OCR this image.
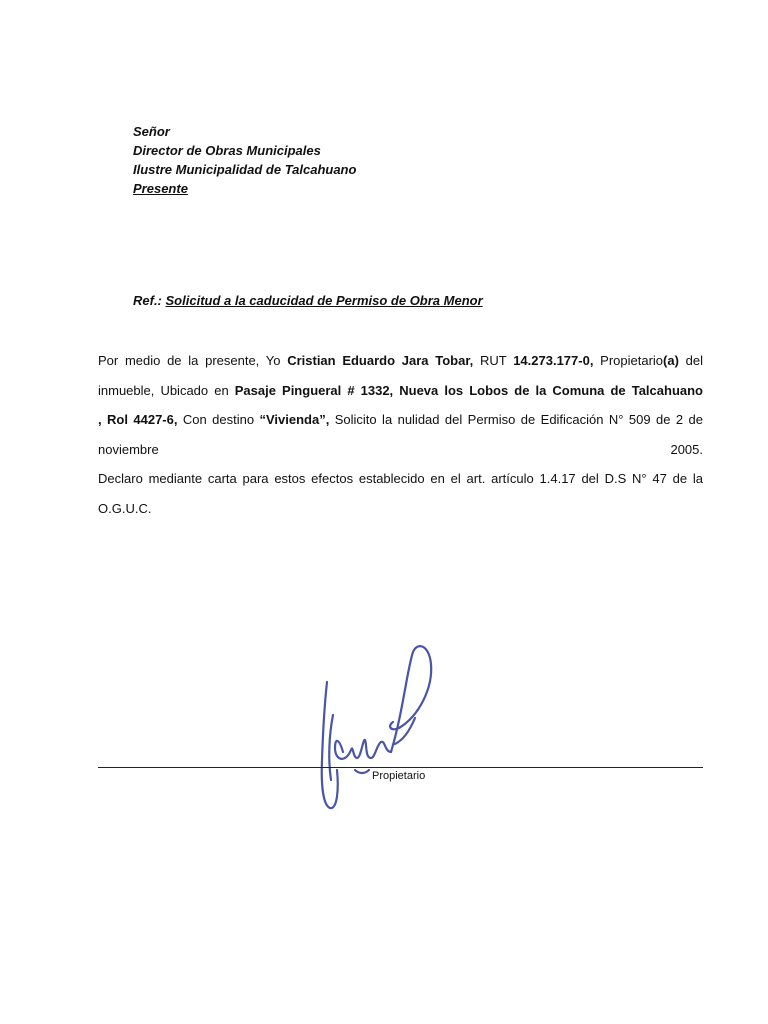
Señor
Director de Obras Municipales
Ilustre Municipalidad de Talcahuano
Presente
Ref.: Solicitud a la caducidad de Permiso de Obra Menor

Por medio de la presente, Yo Cristian Eduardo Jara Tobar, RUT 14.273.177-0, Propietario(a) del inmueble, Ubicado en Pasaje Pingueral # 1332, Nueva los Lobos de la Comuna de Talcahuano
, Rol 4427-6, Con destino “Vivienda”, Solicito la nulidad del Permiso de Edificación N° 509 de 2 de noviembre 2005.

Declaro mediante carta para estos efectos establecido en el art. artículo 1.4.17 del D.S N° 47 de la O.G.U.C.

Propietario
